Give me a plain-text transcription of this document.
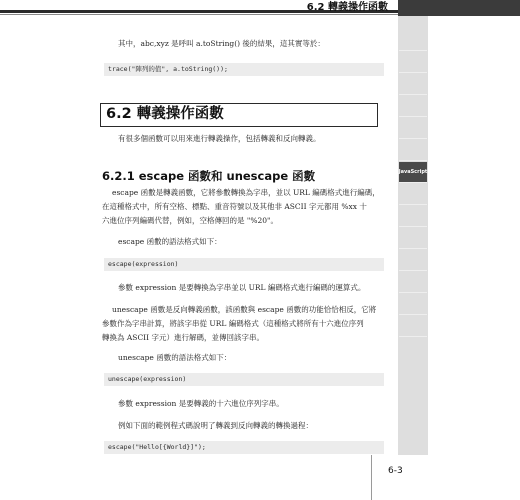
6.2 轉義操作函數
JavaScript
其中，abc,xyz 是呼叫 a.toString() 後的結果，這其實等於：
trace("陣列的值", a.toString());
6.2 轉義操作函數
有很多個函數可以用來進行轉義操作，包括轉義和反向轉義。
6.2.1 escape 函數和 unescape 函數
escape 函數是轉義函數，它將參數轉換為字串，並以 URL 編碼格式進行編碼，
在這種格式中，所有空格、標點、重音符號以及其他非 ASCII 字元都用 %xx 十
六進位序列編碼代替，例如，空格傳回的是 "%20"。
escape 函數的語法格式如下：
escape(expression)
參數 expression 是要轉換為字串並以 URL 編碼格式進行編碼的運算式。
unescape 函數是反向轉義函數，該函數與 escape 函數的功能恰恰相反，它將
參數作為字串計算，將該字串從 URL 編碼格式（這種格式將所有十六進位序列
轉換為 ASCII 字元）進行解碼，並傳回該字串。
unescape 函數的語法格式如下：
unescape(expression)
參數 expression 是要轉義的十六進位序列字串。
例如下面的範例程式碼說明了轉義到反向轉義的轉換過程：
escape("Hello[{World}]");
6-3
